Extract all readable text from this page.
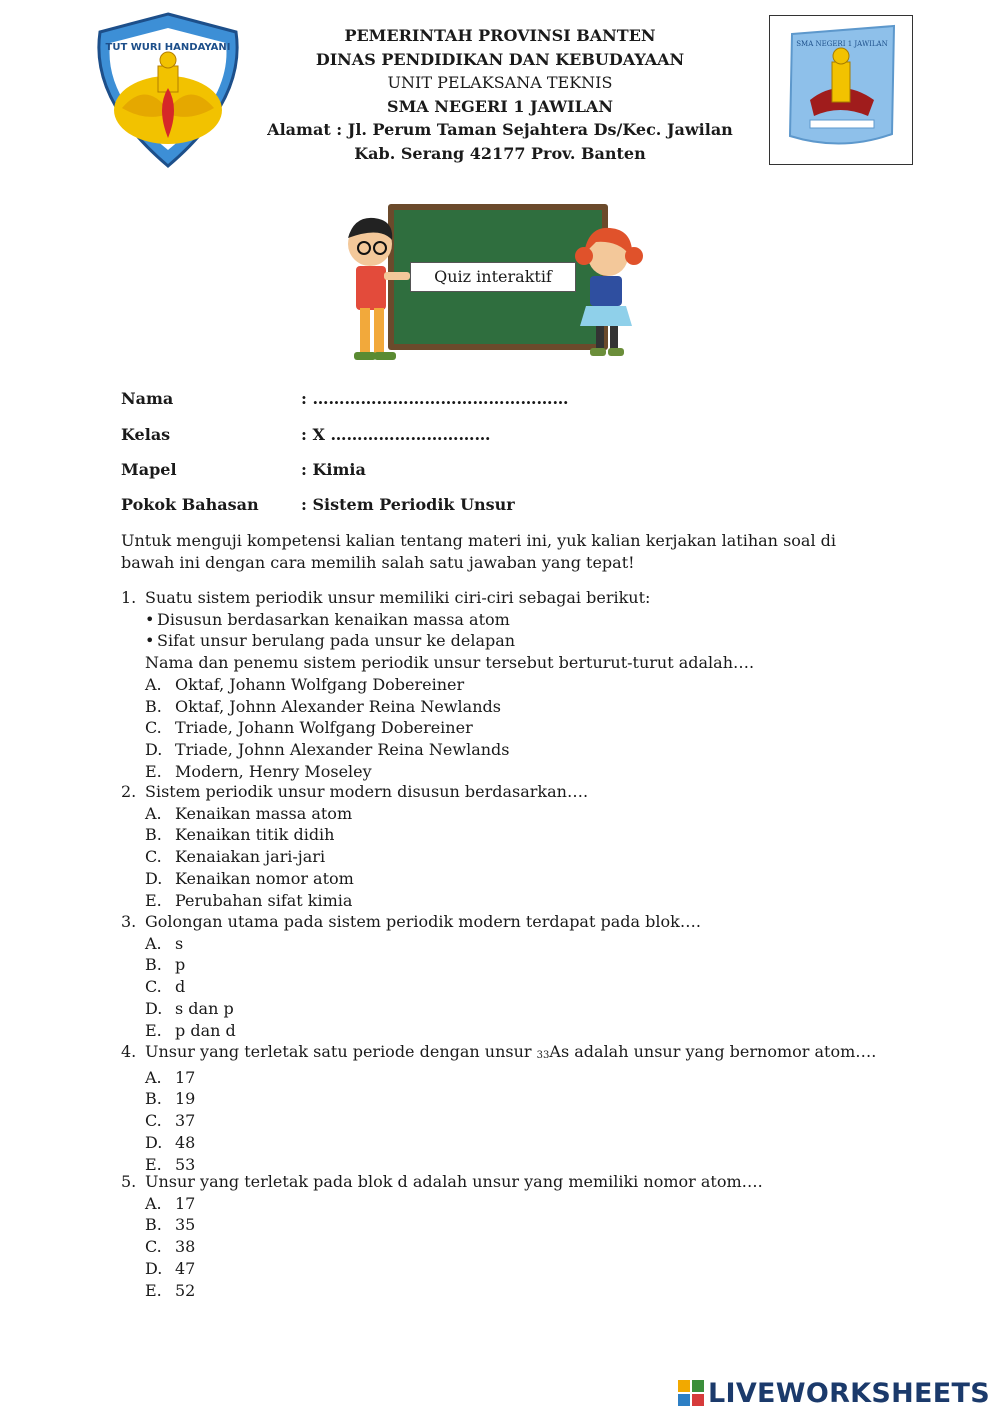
TUT WURI HANDAYANI	SMA NEGERI 1 JAWILAN
PEMERINTAH PROVINSI BANTEN
DINAS PENDIDIKAN DAN KEBUDAYAAN
UNIT PELAKSANA TEKNIS
SMA NEGERI 1 JAWILAN
Alamat : Jl. Perum Taman Sejahtera Ds/Kec. Jawilan
Kab. Serang 42177 Prov. Banten
Quiz interaktif
Nama	: …………………………………………
Kelas	: X …………………………
Mapel	: Kimia
Pokok Bahasan	: Sistem Periodik Unsur
Untuk menguji kompetensi kalian tentang materi ini, yuk kalian kerjakan latihan soal di bawah ini dengan cara memilih salah satu jawaban yang tepat!
1. Suatu sistem periodik unsur memiliki ciri-ciri sebagai berikut:
• Disusun berdasarkan kenaikan massa atom
• Sifat unsur berulang pada unsur ke delapan
Nama dan penemu sistem periodik unsur tersebut berturut-turut adalah….
A. Oktaf, Johann Wolfgang Dobereiner
B. Oktaf, Johnn Alexander Reina Newlands
C. Triade, Johann Wolfgang Dobereiner
D. Triade, Johnn Alexander Reina Newlands
E. Modern, Henry Moseley
2. Sistem periodik unsur modern disusun berdasarkan….
A. Kenaikan massa atom
B. Kenaikan titik didih
C. Kenaiakan jari-jari
D. Kenaikan nomor atom
E. Perubahan sifat kimia
3. Golongan utama pada sistem periodik modern terdapat pada blok….
A. s
B. p
C. d
D. s dan p
E. p dan d
4. Unsur yang terletak satu periode dengan unsur $_{33}$As adalah unsur yang bernomor atom….
A. 17
B. 19
C. 37
D. 48
E. 53
5. Unsur yang terletak pada blok d adalah unsur yang memiliki nomor atom….
A. 17
B. 35
C. 38
D. 47
E. 52
LIVEWORKSHEETS
